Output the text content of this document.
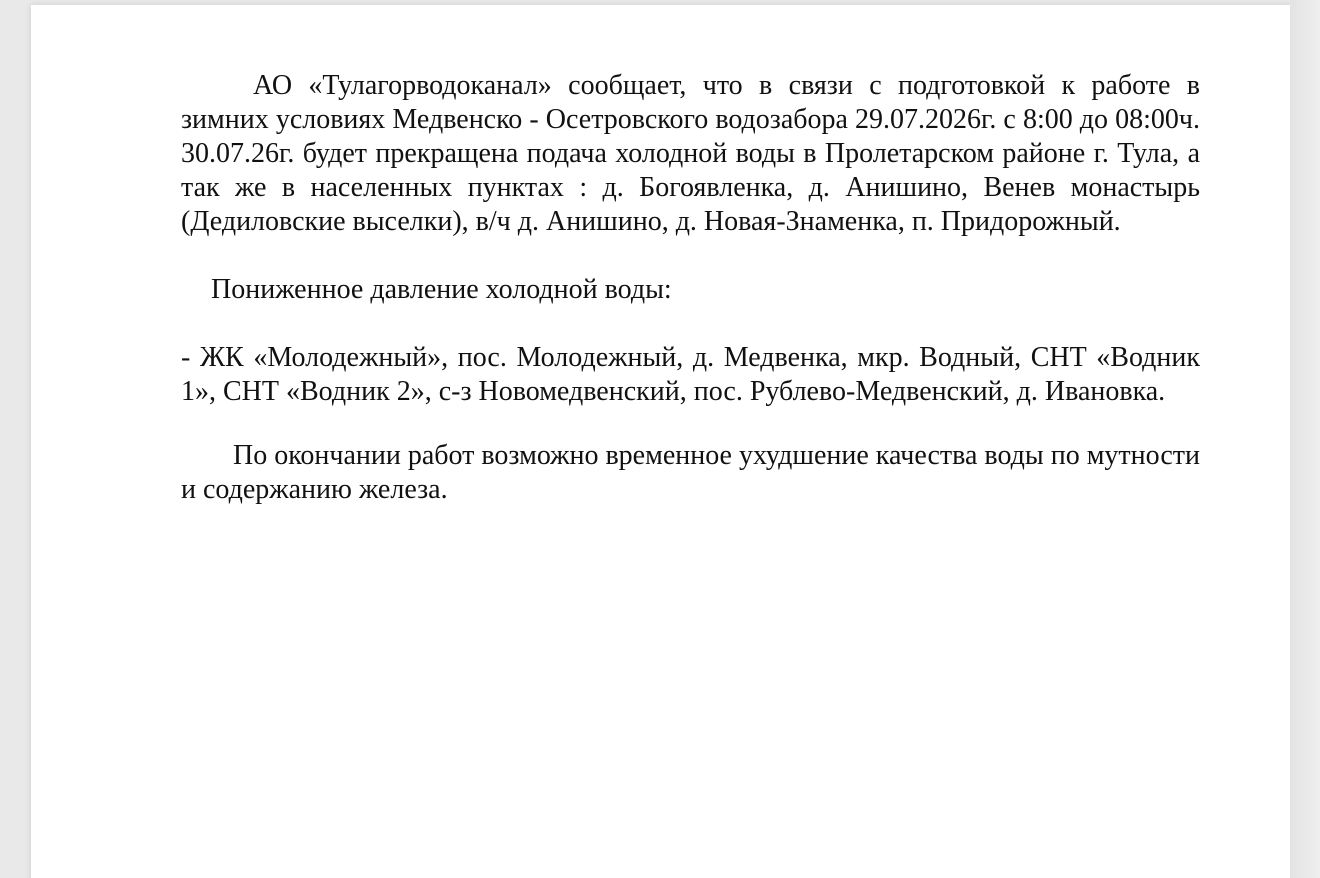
АО «Тулагорводоканал» сообщает, что в связи с подготовкой к работе в зимних условиях Медвенско - Осетровского водозабора 29.07.2026г. с 8:00 до 08:00ч. 30.07.26г. будет прекращена подача холодной воды в Пролетарском районе г. Тула, а так же в населенных пунктах : д. Богоявленка, д. Анишино, Венев монастырь (Дедиловские выселки), в/ч д. Анишино, д. Новая-Знаменка, п. Придорожный.

Пониженное давление холодной воды:

- ЖК «Молодежный», пос. Молодежный, д. Медвенка, мкр. Водный, СНТ «Водник 1», СНТ «Водник 2», с-з Новомедвенский, пос. Рублево-Медвенский, д. Ивановка.

По окончании работ возможно временное ухудшение качества воды по мутности и содержанию железа.
